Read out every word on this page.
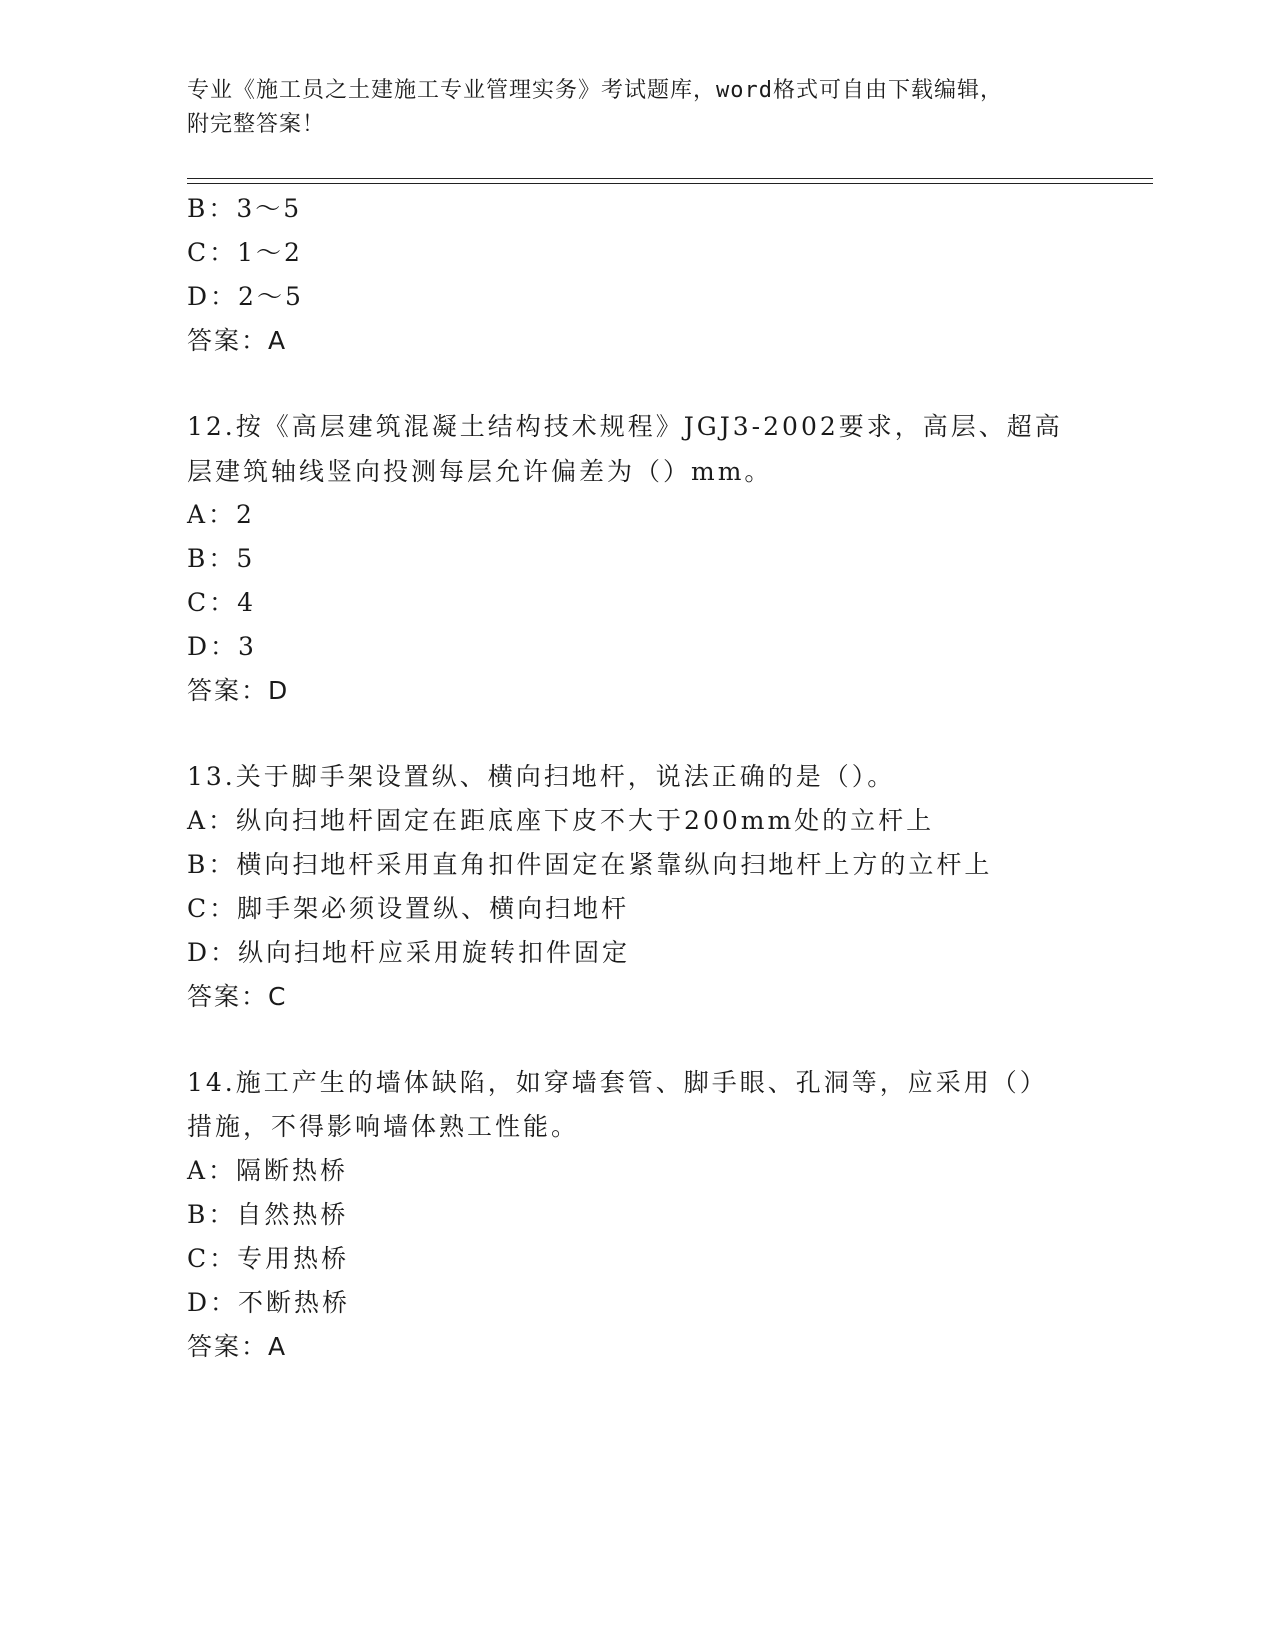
专业《施工员之土建施工专业管理实务》考试题库，word格式可自由下载编辑，
附完整答案！
B：3～5
C：1～2
D：2～5
答案：A
12.按《高层建筑混凝土结构技术规程》JGJ3-2002要求，高层、超高
层建筑轴线竖向投测每层允许偏差为（）mm。
A：2
B：5
C：4
D：3
答案：D
13.关于脚手架设置纵、横向扫地杆，说法正确的是（）。
A：纵向扫地杆固定在距底座下皮不大于200mm处的立杆上
B：横向扫地杆采用直角扣件固定在紧靠纵向扫地杆上方的立杆上
C：脚手架必须设置纵、横向扫地杆
D：纵向扫地杆应采用旋转扣件固定
答案：C
14.施工产生的墙体缺陷，如穿墙套管、脚手眼、孔洞等，应采用（）
措施，不得影响墙体熟工性能。
A：隔断热桥
B：自然热桥
C：专用热桥
D：不断热桥
答案：A
